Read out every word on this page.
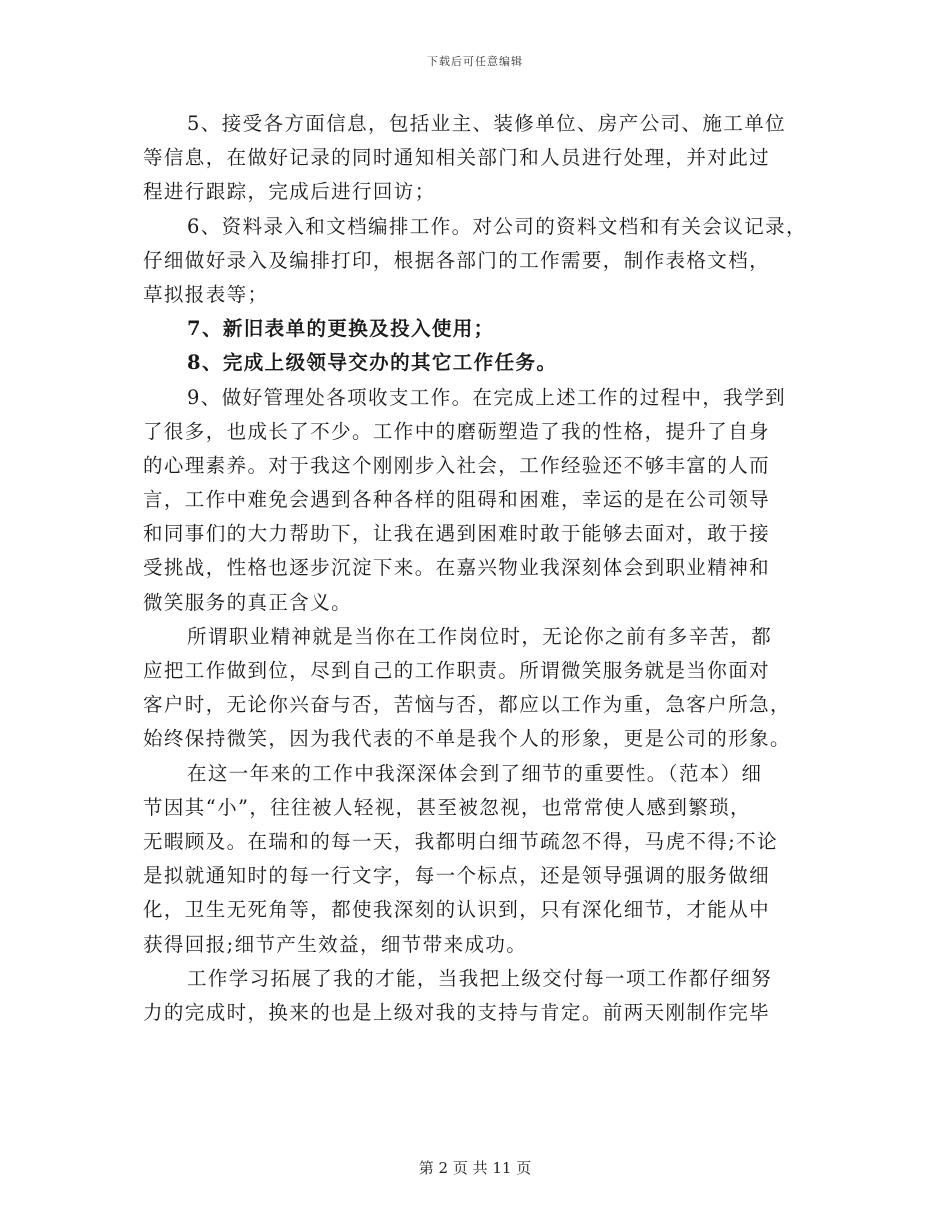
下载后可任意编辑
5、接受各方面信息，包括业主、装修单位、房产公司、施工单位
等信息，在做好记录的同时通知相关部门和人员进行处理，并对此过
程进行跟踪，完成后进行回访；
6、资料录入和文档编排工作。对公司的资料文档和有关会议记录，
仔细做好录入及编排打印，根据各部门的工作需要，制作表格文档，
草拟报表等；
7、新旧表单的更换及投入使用；
8、完成上级领导交办的其它工作任务。
9、做好管理处各项收支工作。在完成上述工作的过程中，我学到
了很多，也成长了不少。工作中的磨砺塑造了我的性格，提升了自身
的心理素养。对于我这个刚刚步入社会，工作经验还不够丰富的人而
言，工作中难免会遇到各种各样的阻碍和困难，幸运的是在公司领导
和同事们的大力帮助下，让我在遇到困难时敢于能够去面对，敢于接
受挑战，性格也逐步沉淀下来。在嘉兴物业我深刻体会到职业精神和
微笑服务的真正含义。
所谓职业精神就是当你在工作岗位时，无论你之前有多辛苦，都
应把工作做到位，尽到自己的工作职责。所谓微笑服务就是当你面对
客户时，无论你兴奋与否，苦恼与否，都应以工作为重，急客户所急，
始终保持微笑，因为我代表的不单是我个人的形象，更是公司的形象。
在这一年来的工作中我深深体会到了细节的重要性。（范本）细
节因其“小”，往往被人轻视，甚至被忽视，也常常使人感到繁琐，
无暇顾及。在瑞和的每一天，我都明白细节疏忽不得，马虎不得;不论
是拟就通知时的每一行文字，每一个标点，还是领导强调的服务做细
化，卫生无死角等，都使我深刻的认识到，只有深化细节，才能从中
获得回报;细节产生效益，细节带来成功。
工作学习拓展了我的才能，当我把上级交付每一项工作都仔细努
力的完成时，换来的也是上级对我的支持与肯定。前两天刚制作完毕
第 2 页 共 11 页
